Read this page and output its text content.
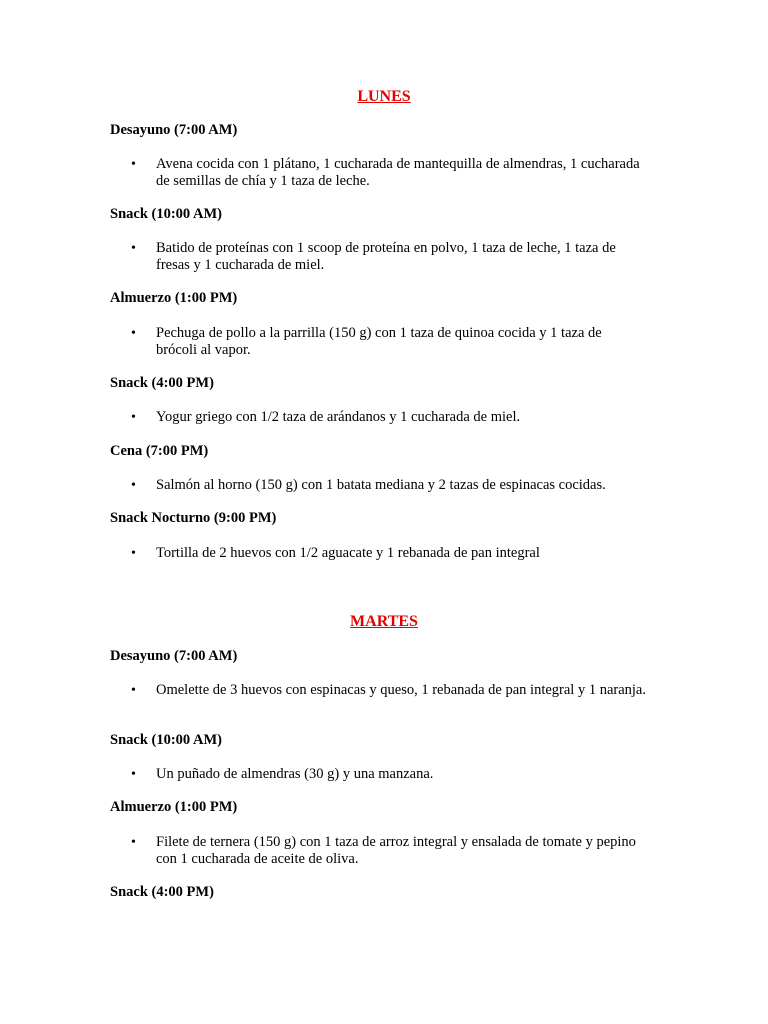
LUNES
Desayuno (7:00 AM)
• Avena cocida con 1 plátano, 1 cucharada de mantequilla de almendras, 1 cucharada de semillas de chía y 1 taza de leche.
Snack (10:00 AM)
• Batido de proteínas con 1 scoop de proteína en polvo, 1 taza de leche, 1 taza de fresas y 1 cucharada de miel.
Almuerzo (1:00 PM)
• Pechuga de pollo a la parrilla (150 g) con 1 taza de quinoa cocida y 1 taza de brócoli al vapor.
Snack (4:00 PM)
• Yogur griego con 1/2 taza de arándanos y 1 cucharada de miel.
Cena (7:00 PM)
• Salmón al horno (150 g) con 1 batata mediana y 2 tazas de espinacas cocidas.
Snack Nocturno (9:00 PM)
• Tortilla de 2 huevos con 1/2 aguacate y 1 rebanada de pan integral
MARTES
Desayuno (7:00 AM)
• Omelette de 3 huevos con espinacas y queso, 1 rebanada de pan integral y 1 naranja.
Snack (10:00 AM)
• Un puñado de almendras (30 g) y una manzana.
Almuerzo (1:00 PM)
• Filete de ternera (150 g) con 1 taza de arroz integral y ensalada de tomate y pepino con 1 cucharada de aceite de oliva.
Snack (4:00 PM)
